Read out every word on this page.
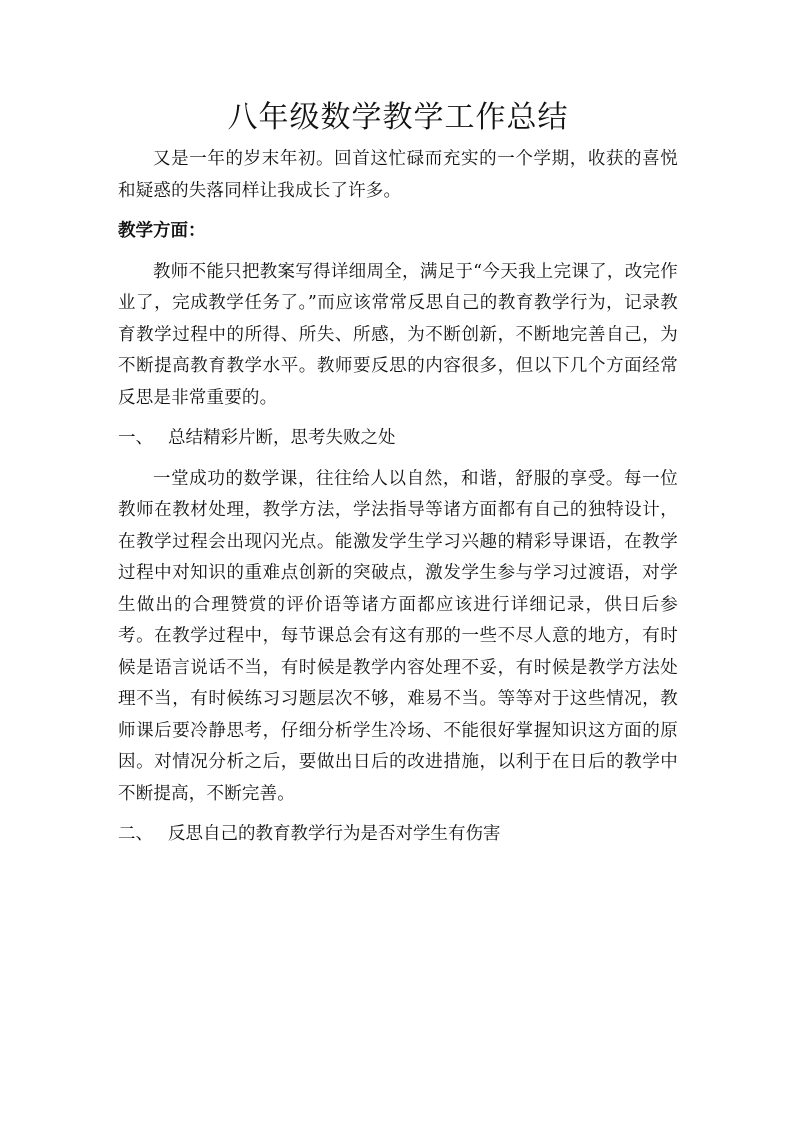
八年级数学教学工作总结

又是一年的岁末年初。回首这忙碌而充实的一个学期，收获的喜悦和疑惑的失落同样让我成长了许多。

教学方面：

教师不能只把教案写得详细周全，满足于“今天我上完课了，改完作业了，完成教学任务了。”而应该常常反思自己的教育教学行为，记录教育教学过程中的所得、所失、所感，为不断创新，不断地完善自己，为不断提高教育教学水平。教师要反思的内容很多，但以下几个方面经常反思是非常重要的。

一、 总结精彩片断，思考失败之处

一堂成功的数学课，往往给人以自然，和谐，舒服的享受。每一位教师在教材处理，教学方法，学法指导等诸方面都有自己的独特设计，在教学过程会出现闪光点。能激发学生学习兴趣的精彩导课语，在教学过程中对知识的重难点创新的突破点，激发学生参与学习过渡语，对学生做出的合理赞赏的评价语等诸方面都应该进行详细记录，供日后参考。在教学过程中，每节课总会有这有那的一些不尽人意的地方，有时候是语言说话不当，有时候是教学内容处理不妥，有时候是教学方法处理不当，有时候练习习题层次不够，难易不当。等等对于这些情况，教师课后要冷静思考，仔细分析学生冷场、不能很好掌握知识这方面的原因。对情况分析之后，要做出日后的改进措施，以利于在日后的教学中不断提高，不断完善。

二、 反思自己的教育教学行为是否对学生有伤害
